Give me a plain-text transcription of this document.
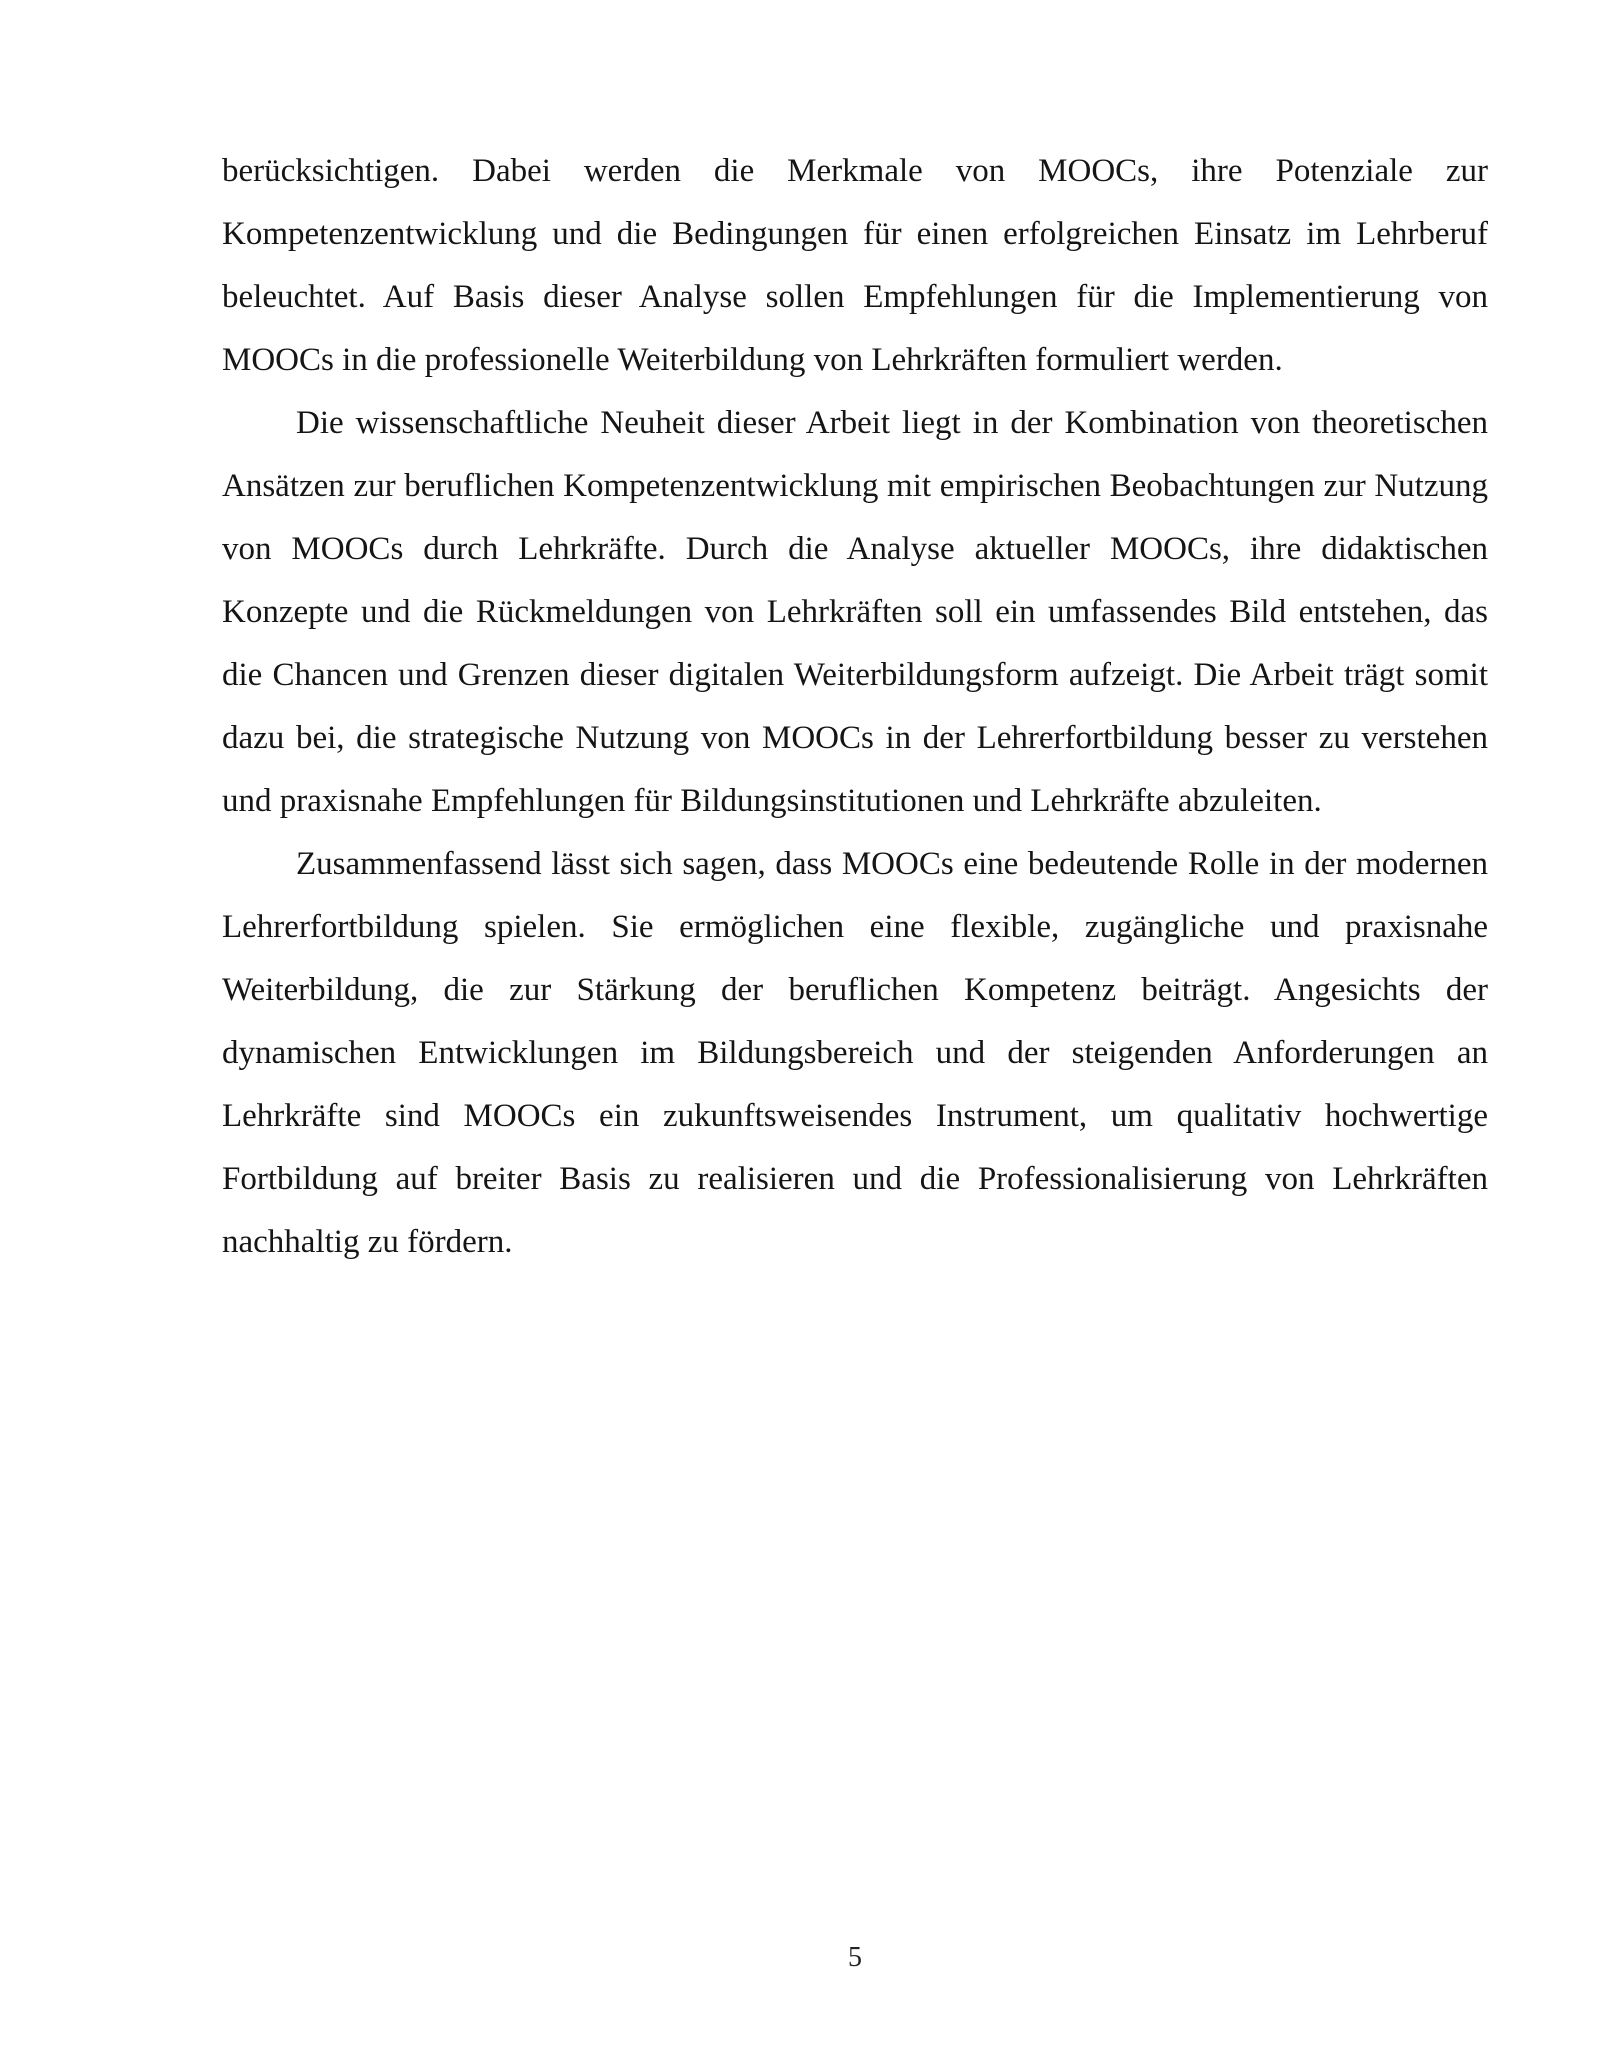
berücksichtigen. Dabei werden die Merkmale von MOOCs, ihre Potenziale zur Kompetenzentwicklung und die Bedingungen für einen erfolgreichen Einsatz im Lehrberuf beleuchtet. Auf Basis dieser Analyse sollen Empfehlungen für die Implementierung von MOOCs in die professionelle Weiterbildung von Lehrkräften formuliert werden.

Die wissenschaftliche Neuheit dieser Arbeit liegt in der Kombination von theoretischen Ansätzen zur beruflichen Kompetenzentwicklung mit empirischen Beobachtungen zur Nutzung von MOOCs durch Lehrkräfte. Durch die Analyse aktueller MOOCs, ihre didaktischen Konzepte und die Rückmeldungen von Lehrkräften soll ein umfassendes Bild entstehen, das die Chancen und Grenzen dieser digitalen Weiterbildungsform aufzeigt. Die Arbeit trägt somit dazu bei, die strategische Nutzung von MOOCs in der Lehrerfortbildung besser zu verstehen und praxisnahe Empfehlungen für Bildungsinstitutionen und Lehrkräfte abzuleiten.

Zusammenfassend lässt sich sagen, dass MOOCs eine bedeutende Rolle in der modernen Lehrerfortbildung spielen. Sie ermöglichen eine flexible, zugängliche und praxisnahe Weiterbildung, die zur Stärkung der beruflichen Kompetenz beiträgt. Angesichts der dynamischen Entwicklungen im Bildungsbereich und der steigenden Anforderungen an Lehrkräfte sind MOOCs ein zukunftsweisendes Instrument, um qualitativ hochwertige Fortbildung auf breiter Basis zu realisieren und die Professionalisierung von Lehrkräften nachhaltig zu fördern.

5
